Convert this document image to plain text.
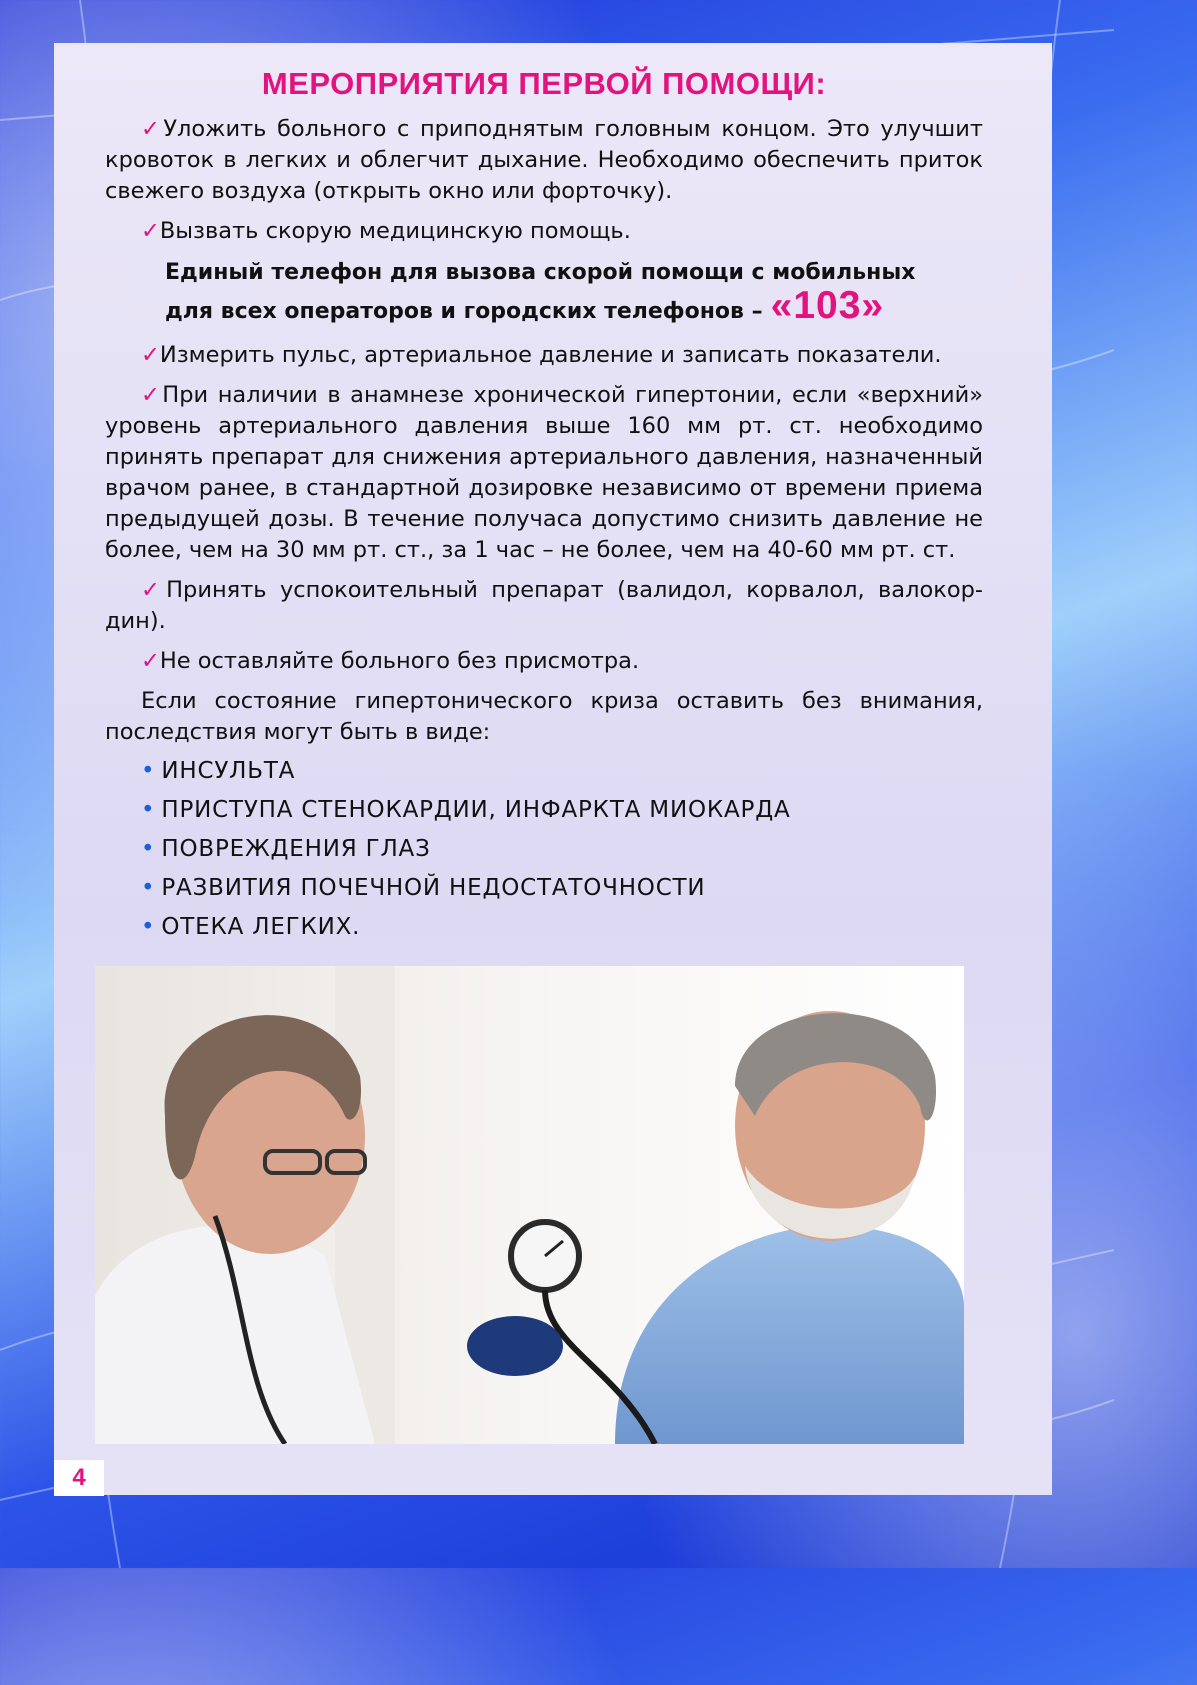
МЕРОПРИЯТИЯ ПЕРВОЙ ПОМОЩИ:

✓Уложить больного с приподнятым головным концом. Это улучшит кровоток в легких и облегчит дыхание. Необходимо обеспечить приток свежего воздуха (открыть окно или форточку).

✓Вызвать скорую медицинскую помощь.

Единый телефон для вызова скорой помощи с мобильных
для всех операторов и городских телефонов – «103»

✓Измерить пульс, артериальное давление и записать показатели.

✓При наличии в анамнезе хронической гипертонии, если «верхний» уровень артериального давления выше 160 мм рт. ст. необходимо принять препарат для снижения артериального давления, назначенный врачом ранее, в стандартной дозировке независимо от времени приема предыдущей дозы. В течение получаса допустимо снизить давление не более, чем на 30 мм рт. ст., за 1 час – не более, чем на 40-60 мм рт. ст.

✓Принять успокоительный препарат (валидол, корвалол, валокор-дин).

✓Не оставляйте больного без присмотра.

Если состояние гипертонического криза оставить без внимания, последствия могут быть в виде:

• ИНСУЛЬТА
• ПРИСТУПА СТЕНОКАРДИИ, ИНФАРКТА МИОКАРДА
• ПОВРЕЖДЕНИЯ ГЛАЗ
• РАЗВИТИЯ ПОЧЕЧНОЙ НЕДОСТАТОЧНОСТИ
• ОТЕКА ЛЕГКИХ.
4
